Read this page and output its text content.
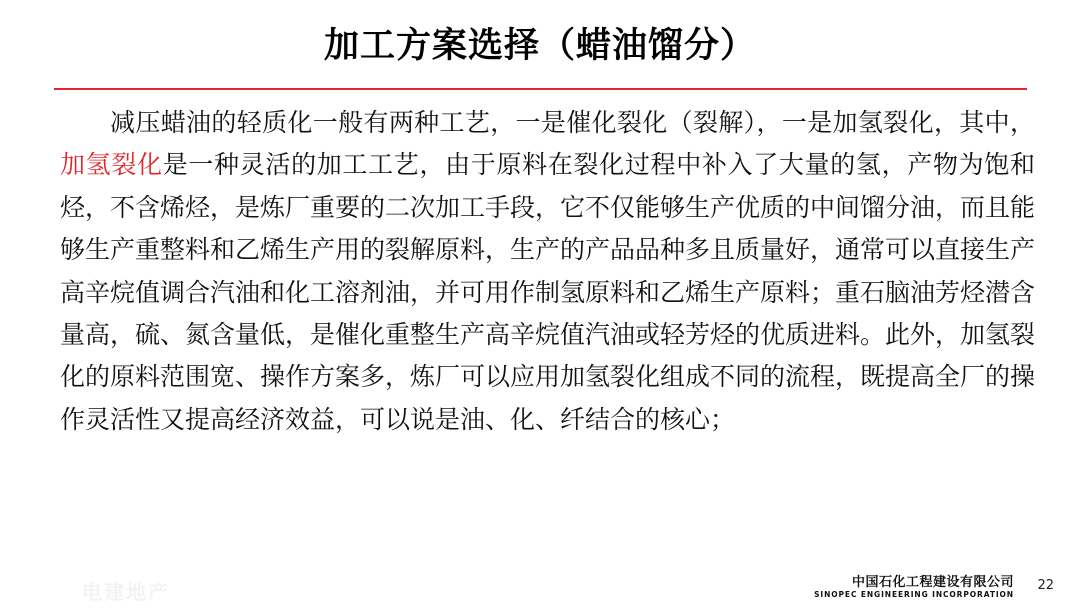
加工方案选择（蜡油馏分）

减压蜡油的轻质化一般有两种工艺，一是催化裂化（裂解），一是加氢裂化，其中，加氢裂化是一种灵活的加工工艺，由于原料在裂化过程中补入了大量的氢，产物为饱和烃，不含烯烃，是炼厂重要的二次加工手段，它不仅能够生产优质的中间馏分油，而且能够生产重整料和乙烯生产用的裂解原料，生产的产品品种多且质量好，通常可以直接生产高辛烷值调合汽油和化工溶剂油，并可用作制氢原料和乙烯生产原料；重石脑油芳烃潜含量高，硫、氮含量低，是催化重整生产高辛烷值汽油或轻芳烃的优质进料。此外，加氢裂化的原料范围宽、操作方案多，炼厂可以应用加氢裂化组成不同的流程，既提高全厂的操作灵活性又提高经济效益，可以说是油、化、纤结合的核心；

电建地产	中国石化工程建设有限公司
SINOPEC ENGINEERING INCORPORATION
22
